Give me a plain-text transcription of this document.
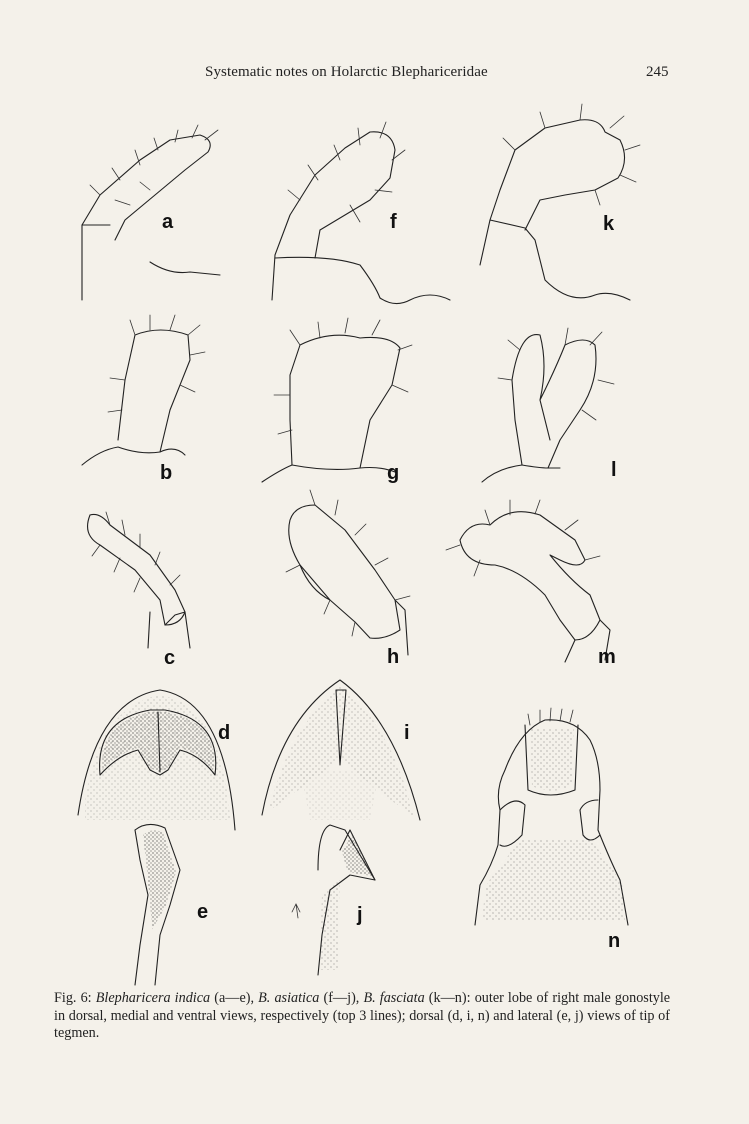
Systematic notes on Holarctic Blephariceridae	245
a	f	k
b	g	l
c	h	m
d	i
e	j
n
Fig. 6: Blepharicera indica (a—e), B. asiatica (f—j), B. fasciata (k—n): outer lobe of right male gonostyle in dorsal, medial and ventral views, respectively (top 3 lines); dorsal (d, i, n) and lateral (e, j) views of tip of tegmen.
